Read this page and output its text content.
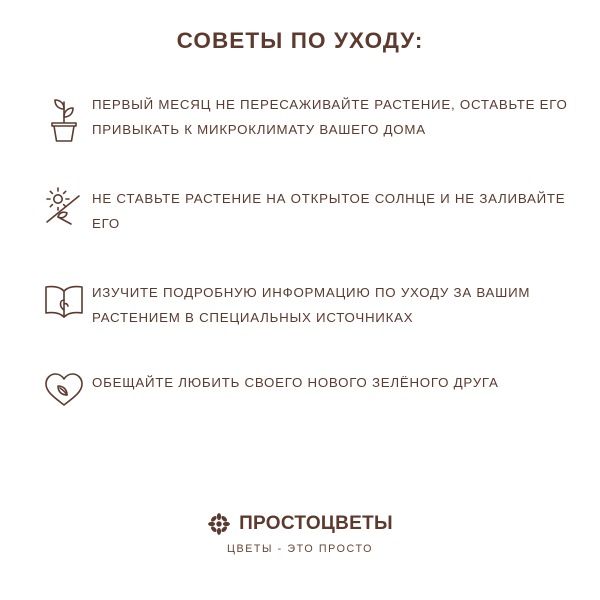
СОВЕТЫ ПО УХОДУ:
ПЕРВЫЙ МЕСЯЦ НЕ ПЕРЕСАЖИВАЙТЕ РАСТЕНИЕ, ОСТАВЬТЕ ЕГО ПРИВЫКАТЬ К МИКРОКЛИМАТУ ВАШЕГО ДОМА
НЕ СТАВЬТЕ РАСТЕНИЕ НА ОТКРЫТОЕ СОЛНЦЕ И НЕ ЗАЛИВАЙТЕ ЕГО
ИЗУЧИТЕ ПОДРОБНУЮ ИНФОРМАЦИЮ ПО УХОДУ ЗА ВАШИМ РАСТЕНИЕМ В СПЕЦИАЛЬНЫХ ИСТОЧНИКАХ
ОБЕЩАЙТЕ ЛЮБИТЬ СВОЕГО НОВОГО ЗЕЛЁНОГО ДРУГА
ПРОСТОЦВЕТЫ
ЦВЕТЫ - ЭТО ПРОСТО
